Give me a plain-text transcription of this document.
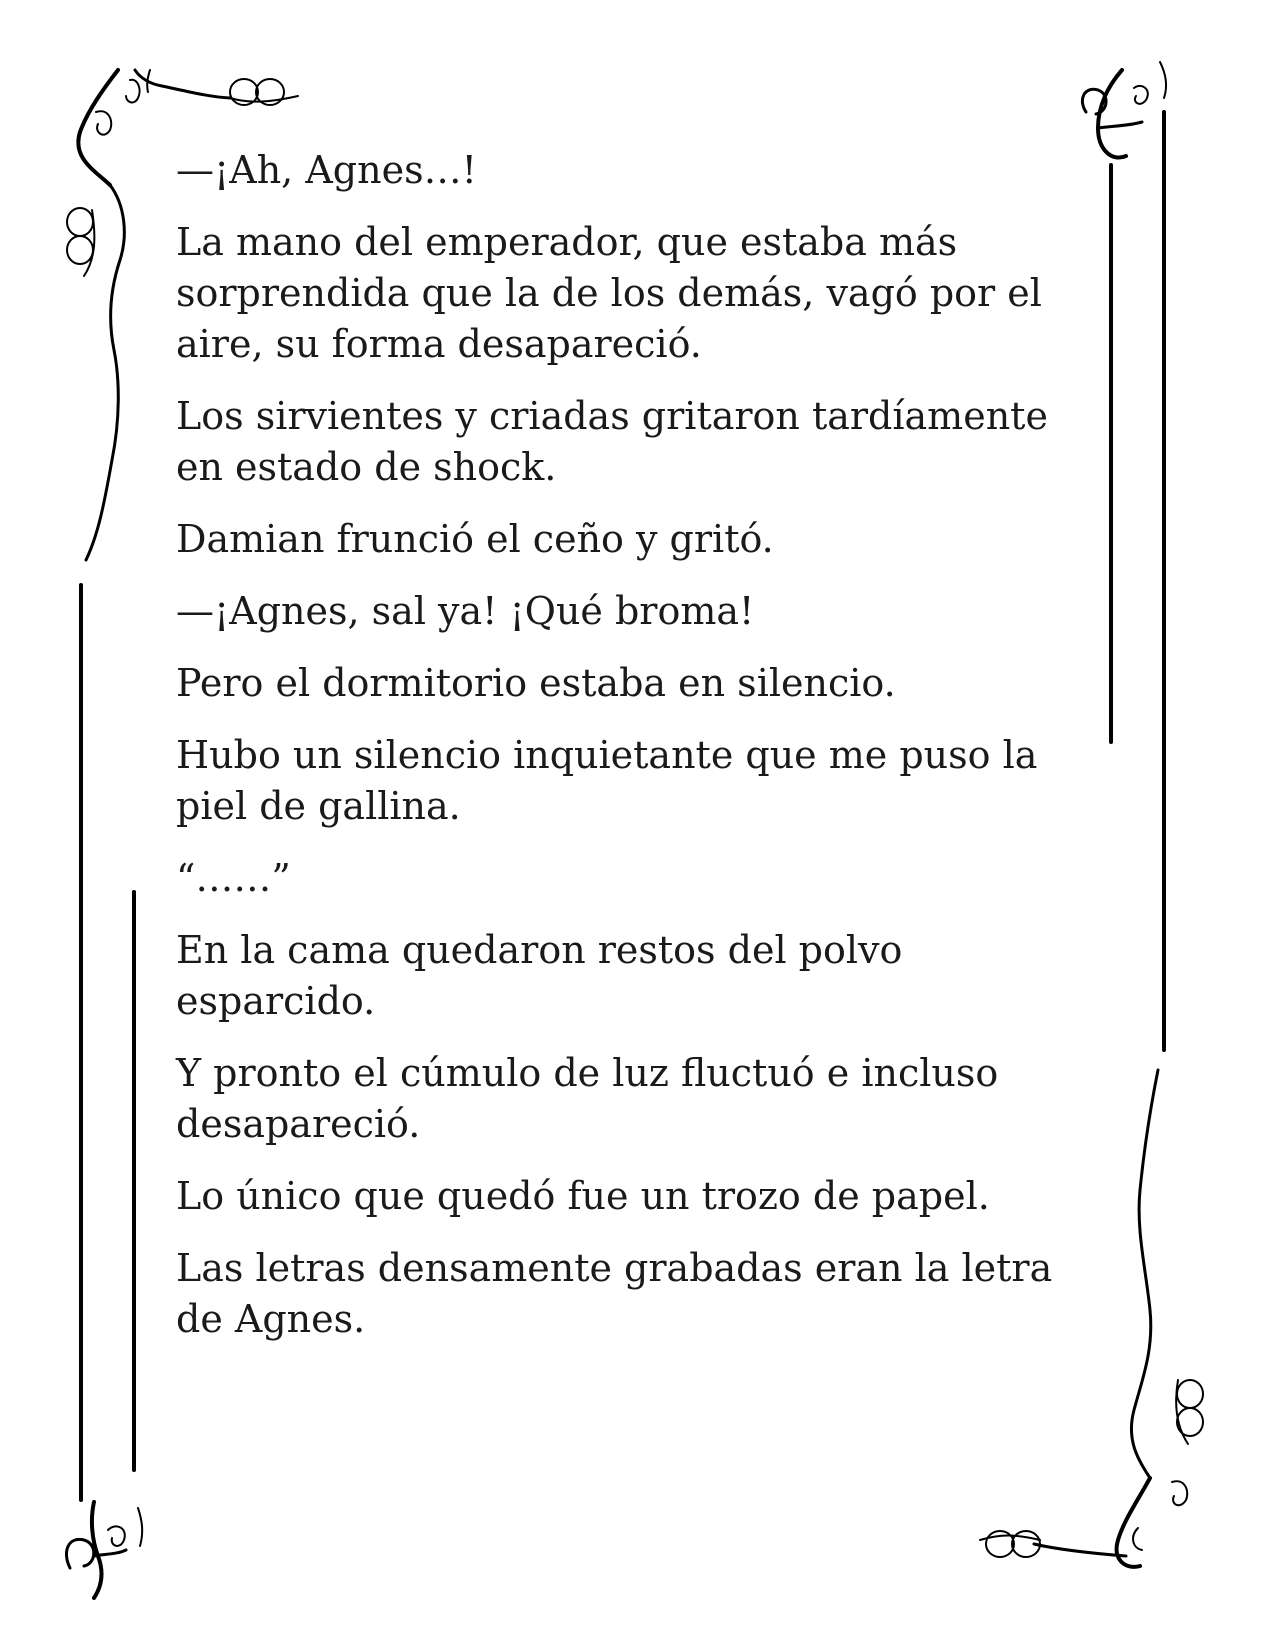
—¡Ah, Agnes…!

La mano del emperador, que estaba más sorprendida que la de los demás, vagó por el aire, su forma desapareció.

Los sirvientes y criadas gritaron tardíamente en estado de shock.

Damian frunció el ceño y gritó.

—¡Agnes, sal ya! ¡Qué broma!

Pero el dormitorio estaba en silencio.

Hubo un silencio inquietante que me puso la piel de gallina.

“……”

En la cama quedaron restos del polvo esparcido.

Y pronto el cúmulo de luz fluctuó e incluso desapareció.

Lo único que quedó fue un trozo de papel.

Las letras densamente grabadas eran la letra de Agnes.
